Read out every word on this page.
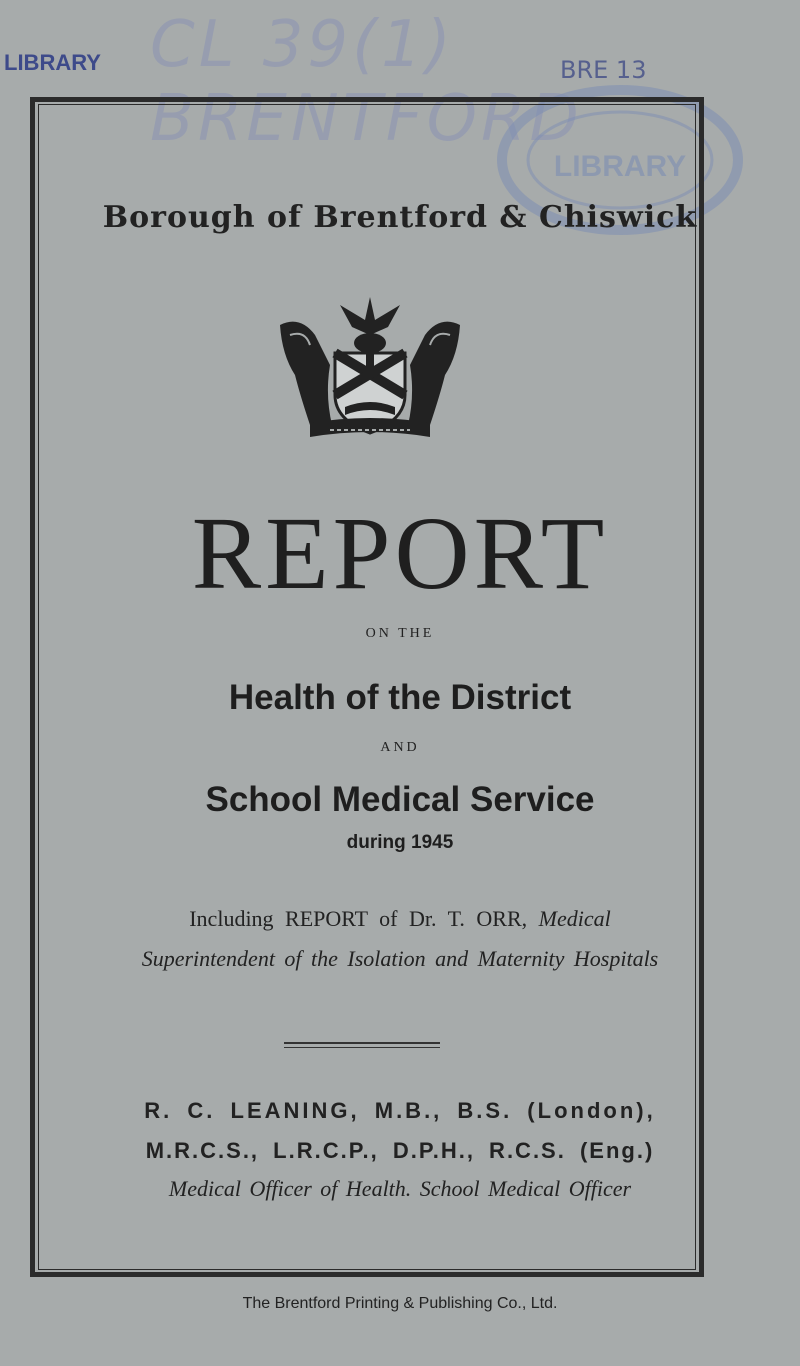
LIBRARY CL 39(1) BRENTFORD
BRE 13
LIBRARY
Borough of Brentford & Chiswick
REPORT
ON THE
Health of the District
AND
School Medical Service
during 1945
Including REPORT of Dr. T. ORR, Medical
Superintendent of the Isolation and Maternity Hospitals
R. C. LEANING, M.B., B.S. (London),
M.R.C.S., L.R.C.P., D.P.H., R.C.S. (Eng.)
Medical Officer of Health. School Medical Officer
The Brentford Printing & Publishing Co., Ltd.
